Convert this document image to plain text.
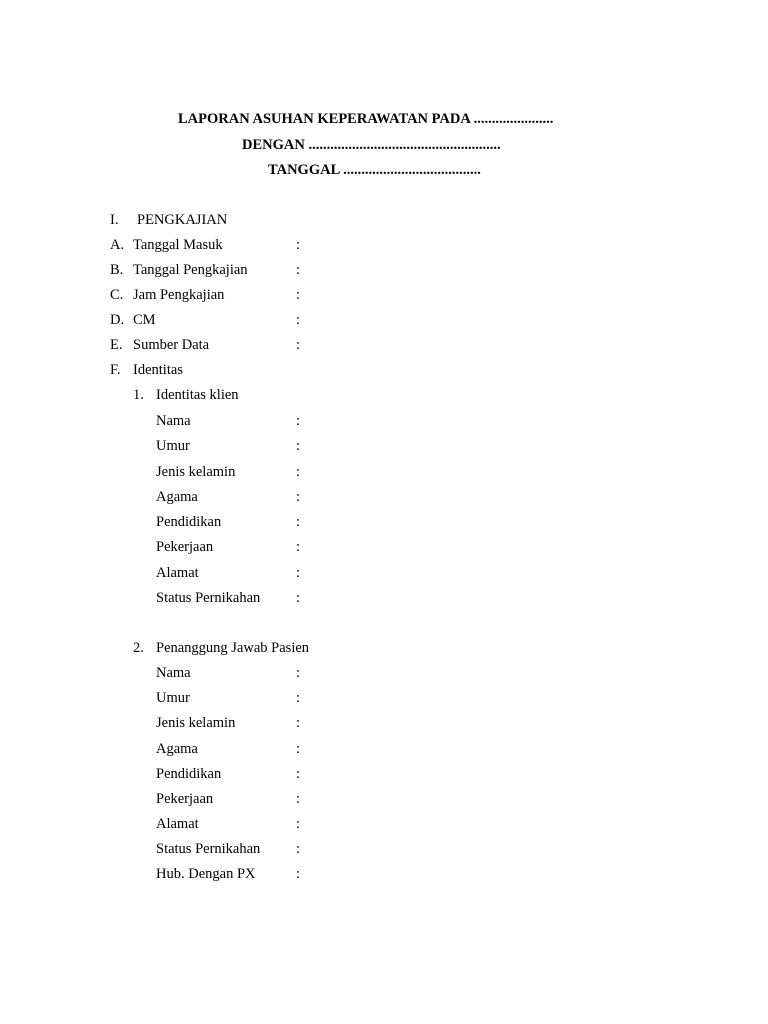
LAPORAN ASUHAN KEPERAWATAN PADA ......................
DENGAN .....................................................
TANGGAL ......................................
I. PENGKAJIAN
A. Tanggal Masuk	:
B. Tanggal Pengkajian	:
C. Jam Pengkajian	:
D. CM	:
E. Sumber Data	:
F. Identitas
1. Identitas klien
Nama	:
Umur	:
Jenis kelamin	:
Agama	:
Pendidikan	:
Pekerjaan	:
Alamat	:
Status Pernikahan :
2. Penanggung Jawab Pasien
Nama	:
Umur	:
Jenis kelamin	:
Agama	:
Pendidikan	:
Pekerjaan	:
Alamat	:
Status Pernikahan :
Hub. Dengan PX	:
